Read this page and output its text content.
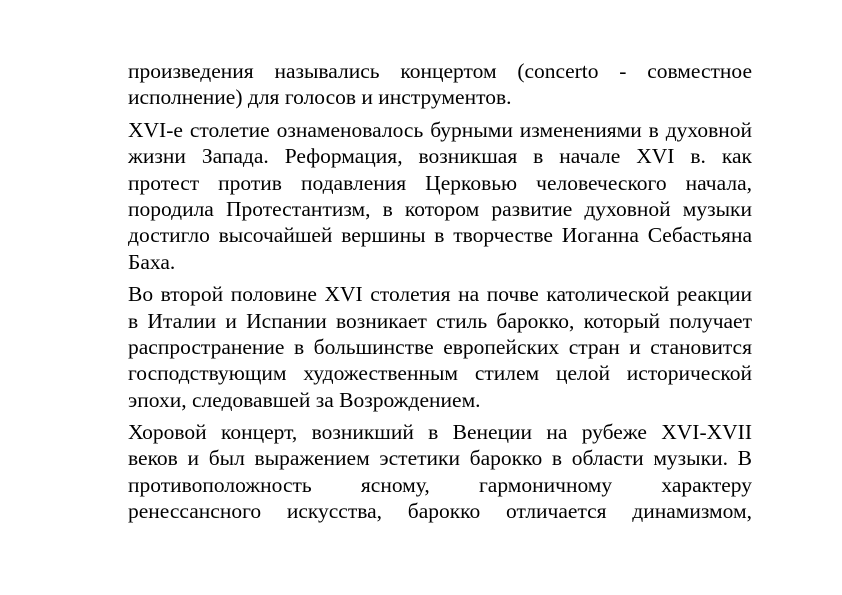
произведения назывались концертом (concerto - совместное
исполнение) для голосов и инструментов.

XVI-е столетие ознаменовалось бурными изменениями в духовной
жизни Запада. Реформация, возникшая в начале XVI в. как
протест против подавления Церковью человеческого начала,
породила Протестантизм, в котором развитие духовной музыки
достигло высочайшей вершины в творчестве Иоганна Себастьяна
Баха.

Во второй половине XVI столетия на почве католической реакции
в Италии и Испании возникает стиль барокко, который получает
распространение в большинстве европейских стран и становится
господствующим художественным стилем целой исторической
эпохи, следовавшей за Возрождением.

Хоровой концерт, возникший в Венеции на рубеже XVI-XVII
веков и был выражением эстетики барокко в области музыки. В
противоположность ясному, гармоничному характеру
ренессансного искусства, барокко отличается динамизмом,
